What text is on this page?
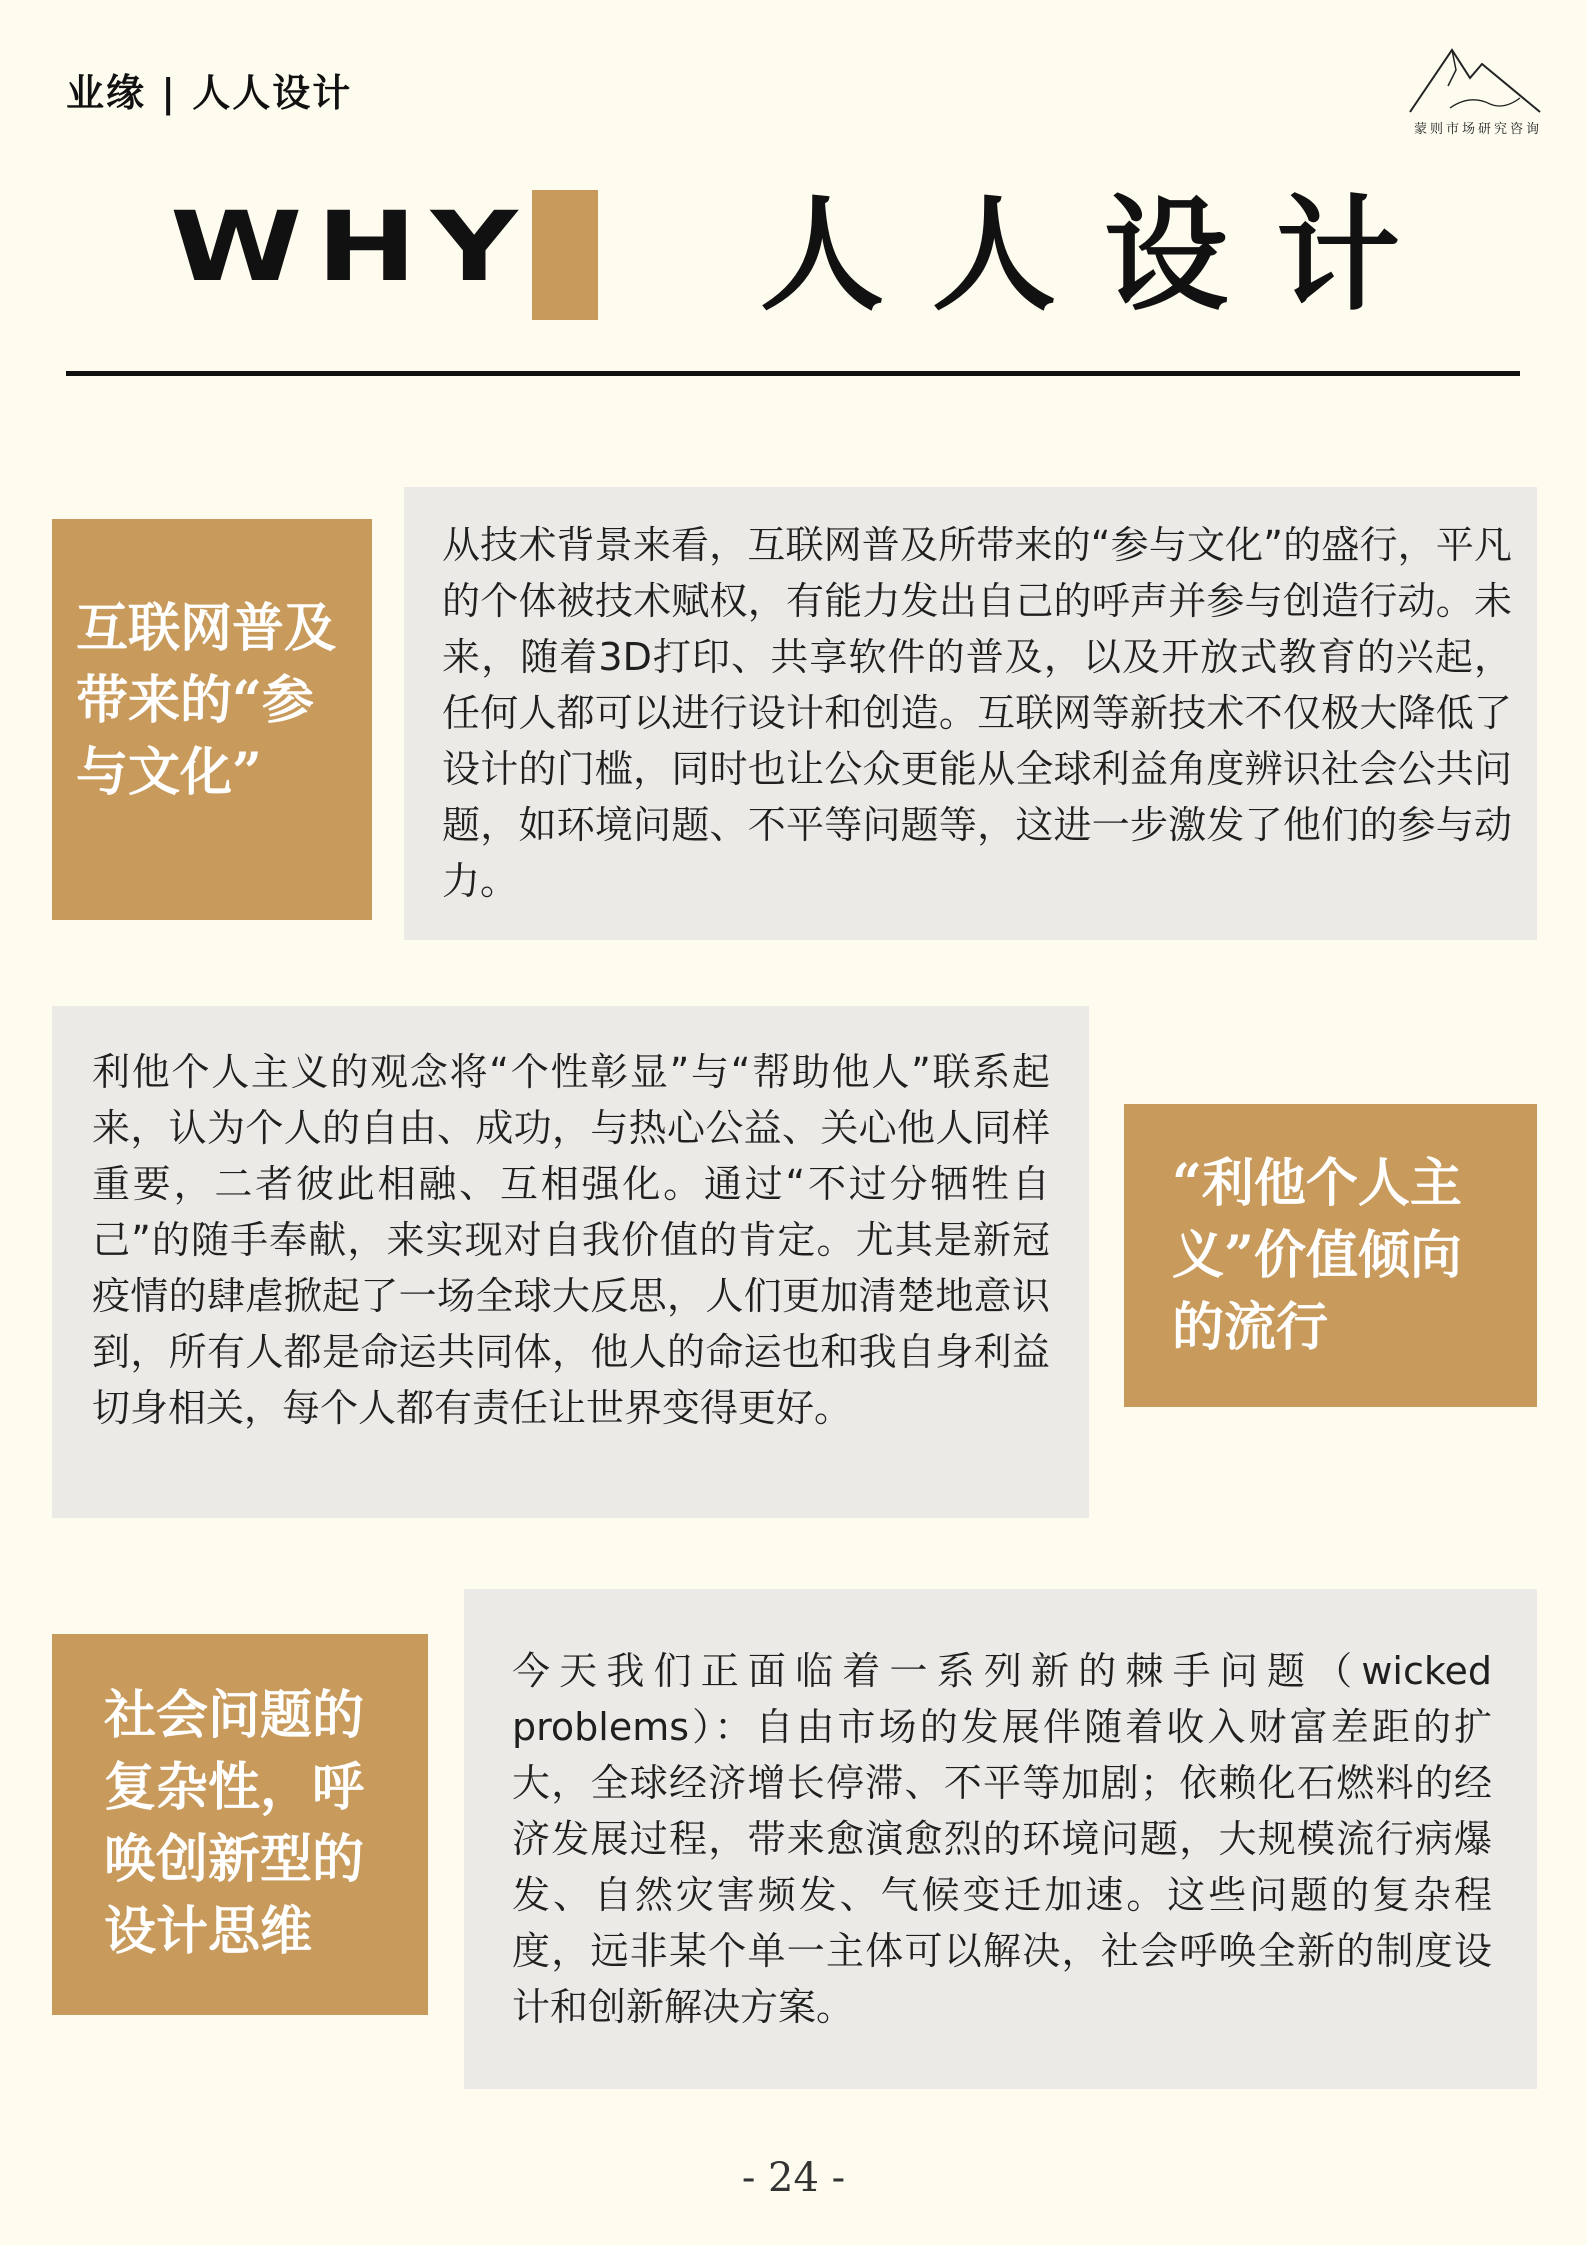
业缘 | 人人设计
蒙则市场研究咨询
WHY 人人设计

从技术背景来看，互联网普及所带来的“参与文化”的盛行，平凡的个体被技术赋权，有能力发出自己的呼声并参与创造行动。未来，随着3D打印、共享软件的普及，以及开放式教育的兴起，任何人都可以进行设计和创造。互联网等新技术不仅极大降低了设计的门槛，同时也让公众更能从全球利益角度辨识社会公共问题，如环境问题、不平等问题等，这进一步激发了他们的参与动力。

互联网普及

带来的“参

与文化”

利他个人主义的观念将“个性彰显”与“帮助他人”联系起来，认为个人的自由、成功，与热心公益、关心他人同样重要，二者彼此相融、互相强化。通过“不过分牺牲自己”的随手奉献，来实现对自我价值的肯定。尤其是新冠疫情的肆虐掀起了一场全球大反思，人们更加清楚地意识到，所有人都是命运共同体，他人的命运也和我自身利益切身相关，每个人都有责任让世界变得更好。

“利他个人主

义”价值倾向

的流行

今天我们正面临着一系列新的棘手问题（wicked problems）：自由市场的发展伴随着收入财富差距的扩大，全球经济增长停滞、不平等加剧；依赖化石燃料的经济发展过程，带来愈演愈烈的环境问题，大规模流行病爆发、自然灾害频发、气候变迁加速。这些问题的复杂程度，远非某个单一主体可以解决，社会呼唤全新的制度设计和创新解决方案。

社会问题的

复杂性，呼

唤创新型的

设计思维

- 24 -
